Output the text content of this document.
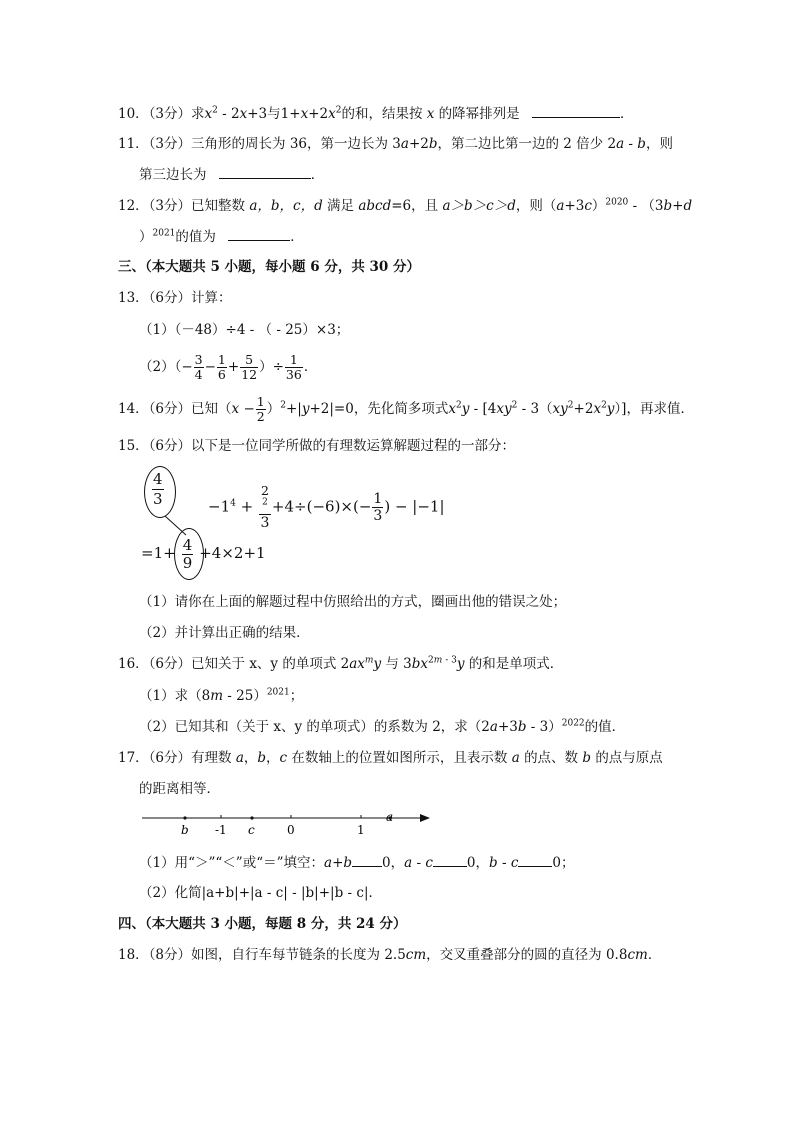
10．（3分）求$x^2 - 2x+3$与$1+x+2x^2$的和，结果按 x 的降幂排列是	．
11．（3分）三角形的周长为 36，第一边长为 3a+2b，第二边比第一边的 2 倍少 2a - b，则
第三边长为	．
12．（3分）已知整数 a，b，c，d 满足 abcd=6，且 a＞b＞c＞d，则$(a+3c)^{2020} - (3b+d$
）$^{2021}$的值为	．
三、（本大题共 5 小题，每小题 6 分，共 30 分）
13．（6分）计算：
（1）（－48）÷4 - （ - 25）×3；
$(2)(- \frac{3}{4} - \frac{1}{6} + \frac{5}{12}$ ）÷ $\frac{1}{36}$ ．
14．（6分）已知$(x - \frac{1}{2} )^2+|y+2|=0$，先化简多项式$x^2y - [4xy^2 - 3(xy^2+2x^2y)]$，再求值．
15．（6分）以下是一位同学所做的有理数运算解题过程的一部分：
$\frac{4}{3}$	$-1^4 + 2$
$^2$
$3 +4\div(-6)\times(- \frac{1}{3}$ ) − |−1|
$=1+ \frac{4}{9} +4\times 2+1$
（1）请你在上面的解题过程中仿照给出的方式，圈画出他的错误之处；
（2）并计算出正确的结果．
16．（6分）已知关于 x、y 的单项式 $2ax^my$ 与 $3bx^{2m - 3}y$ 的和是单项式．
（1）求（8m - 25）$^{2021}$；
（2）已知其和（关于 x、y 的单项式）的系数为 2，求$(2a+3b - 3)^{2022}$的值．
17．（6分）有理数 a，b，c 在数轴上的位置如图所示，且表示数 a 的点、数 b 的点与原点
的距离相等．
b -1 c	0	1
a
（1）用“＞”“＜”或“＝”填空：a+b 0，a - c	0，b - c	0；
（2）化简|a+b|+|a - c| - |b|+|b - c|．
四、（本大题共 3 小题，每题 8 分，共 24 分）
18．（8分）如图，自行车每节链条的长度为 2.5cm，交叉重叠部分的圆的直径为 0.8cm．
